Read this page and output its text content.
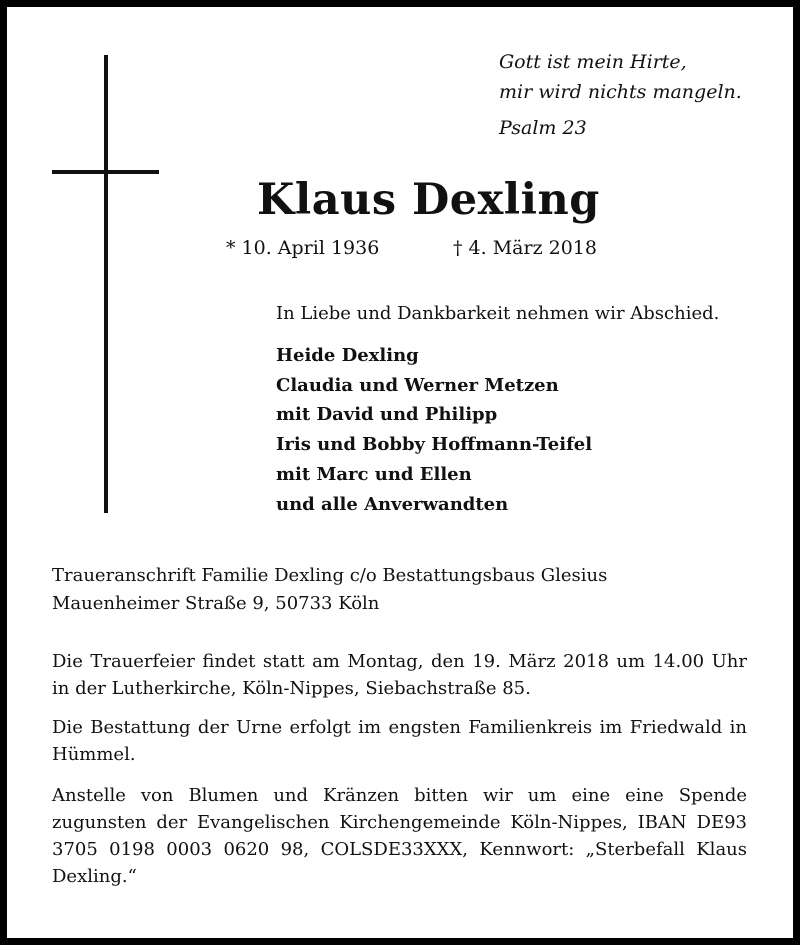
Gott ist mein Hirte,
mir wird nichts mangeln.
Psalm 23
Klaus Dexling
* 10. April 1936	† 4. März 2018
In Liebe und Dankbarkeit nehmen wir Abschied.
Heide Dexling
Claudia und Werner Metzen
mit David und Philipp
Iris und Bobby Hoffmann-Teifel
mit Marc und Ellen
und alle Anverwandten
Traueranschrift Familie Dexling c/o Bestattungsbaus Glesius
Mauenheimer Straße 9, 50733 Köln
Die Trauerfeier findet statt am Montag, den 19. März 2018 um 14.00 Uhr in der Lutherkirche, Köln-Nippes, Siebachstraße 85.
Die Bestattung der Urne erfolgt im engsten Familienkreis im Friedwald in Hümmel.
Anstelle von Blumen und Kränzen bitten wir um eine eine Spende zugunsten der Evangelischen Kirchengemeinde Köln-Nippes, IBAN DE93 3705 0198 0003 0620 98, COLSDE33XXX, Kennwort: „Sterbefall Klaus Dexling.“
